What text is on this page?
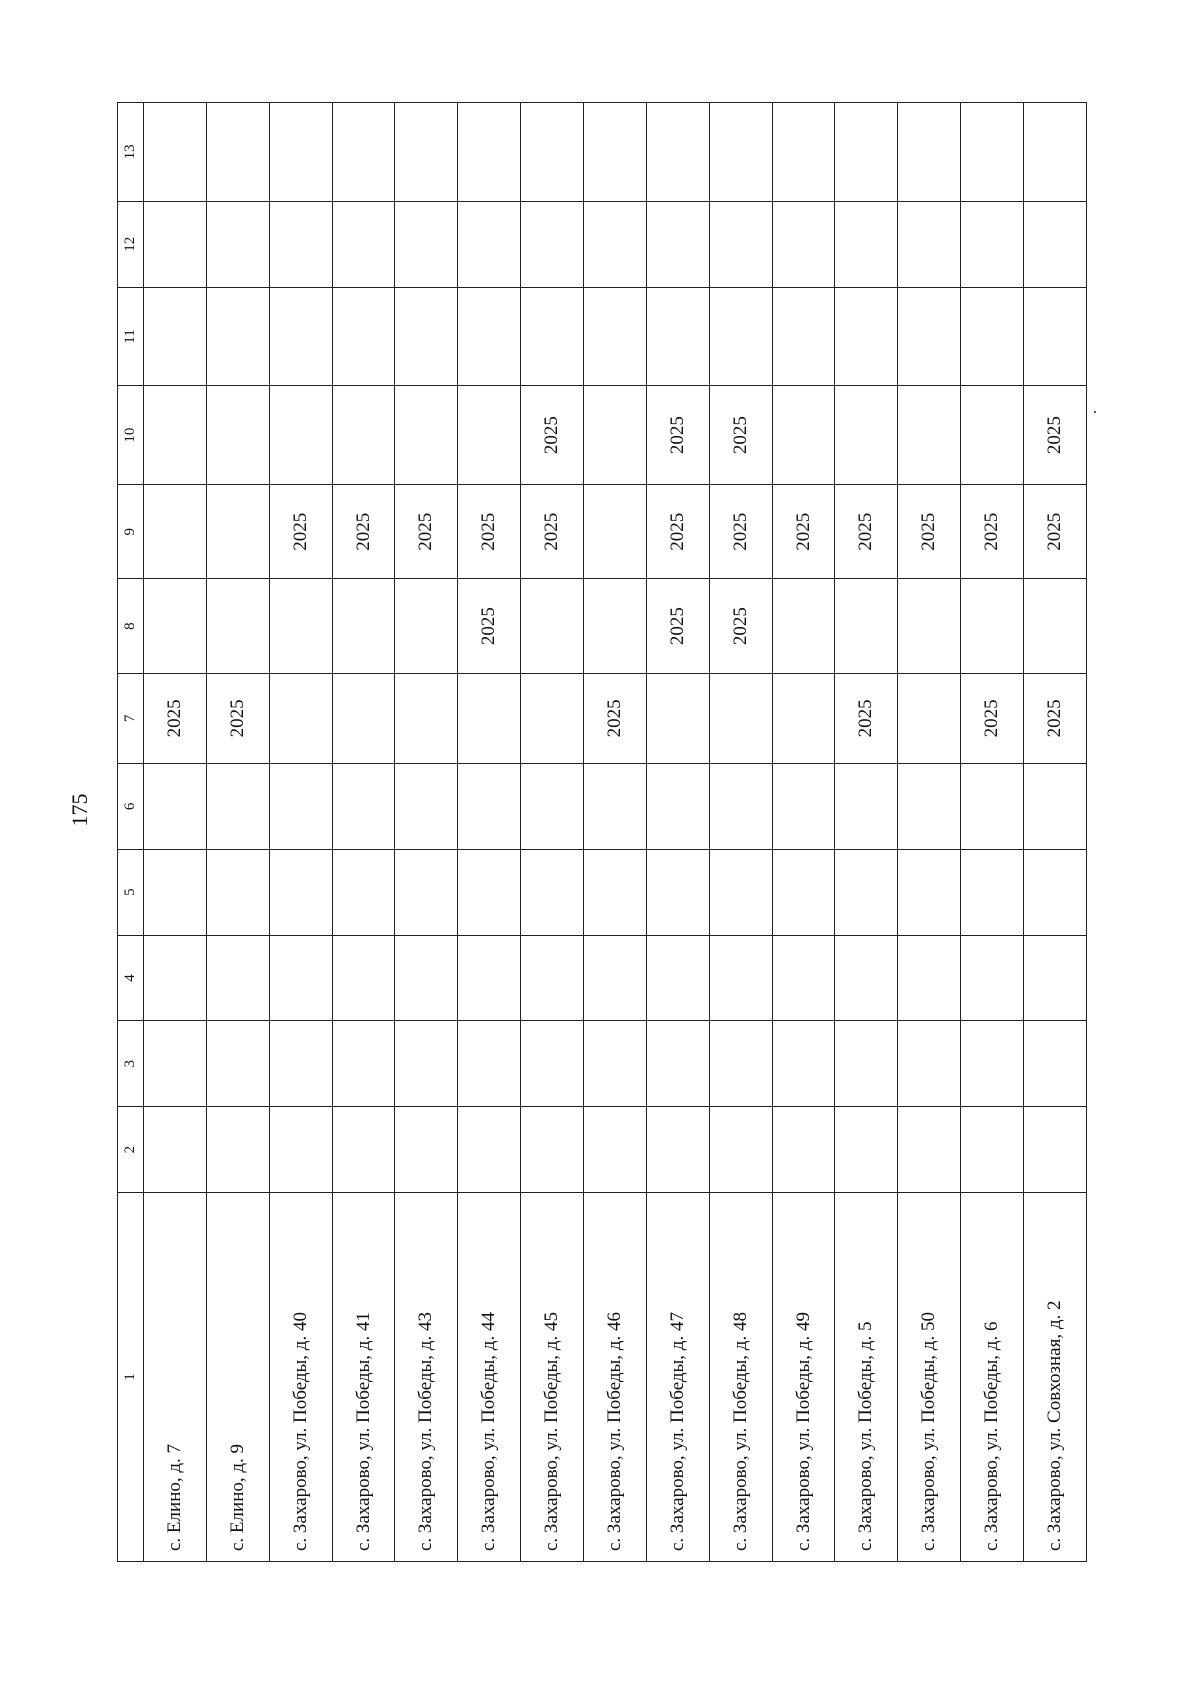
175
1	2	3	4	5	6	7	8	9	10	11	12	13
с. Елино, д. 7						2025						
с. Елино, д. 9						2025						
с. Захарово, ул. Победы, д. 40								2025				
с. Захарово, ул. Победы, д. 41								2025				
с. Захарово, ул. Победы, д. 43								2025				
с. Захарово, ул. Победы, д. 44							2025	2025				
с. Захарово, ул. Победы, д. 45								2025	2025			
с. Захарово, ул. Победы, д. 46						2025						
с. Захарово, ул. Победы, д. 47							2025	2025	2025			
с. Захарово, ул. Победы, д. 48							2025	2025	2025			
с. Захарово, ул. Победы, д. 49								2025				
с. Захарово, ул. Победы, д. 5						2025		2025				
с. Захарово, ул. Победы, д. 50								2025				
с. Захарово, ул. Победы, д. 6						2025		2025				
с. Захарово, ул. Совхозная, д. 2						2025		2025	2025			
